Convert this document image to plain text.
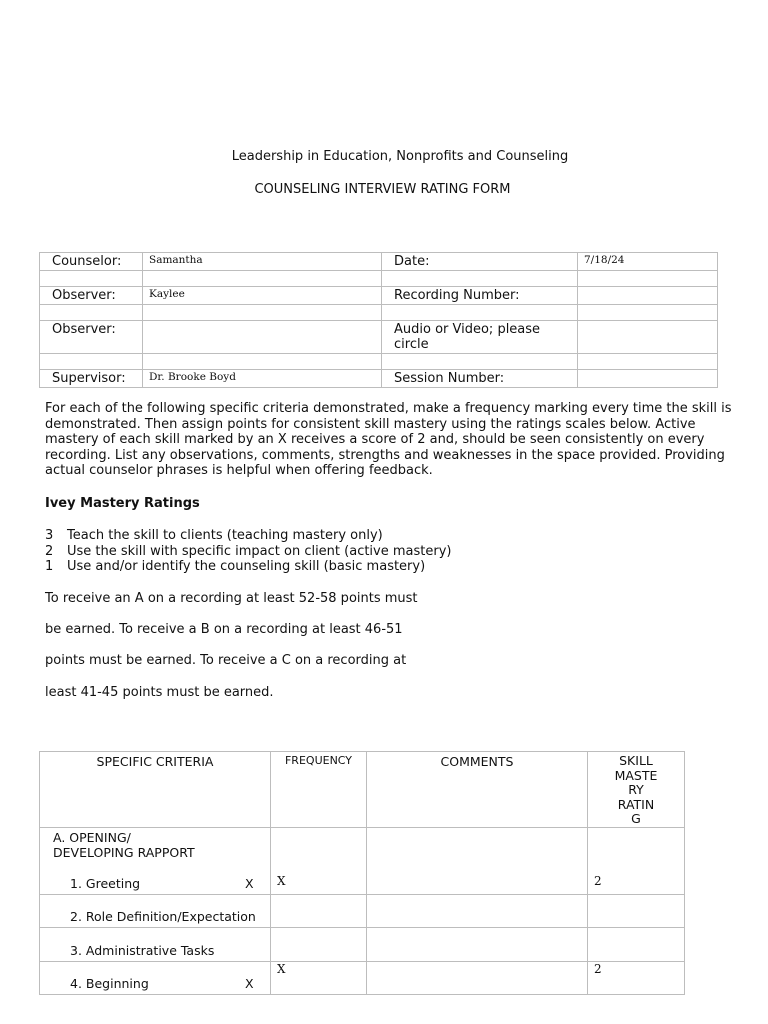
Leadership in Education, Nonprofits and Counseling
COUNSELING INTERVIEW RATING FORM
Counselor:	Samantha	Date:	7/18/24

Observer:	Kaylee	Recording Number:	

Observer:		Audio or Video; please circle	

Supervisor:	Dr. Brooke Boyd	Session Number:	
For each of the following specific criteria demonstrated, make a frequency marking every time the skill is demonstrated. Then assign points for consistent skill mastery using the ratings scales below. Active mastery of each skill marked by an X receives a score of 2 and, should be seen consistently on every recording. List any observations, comments, strengths and weaknesses in the space provided. Providing actual counselor phrases is helpful when offering feedback.
Ivey Mastery Ratings
3 Teach the skill to clients (teaching mastery only)
2 Use the skill with specific impact on client (active mastery)
1 Use and/or identify the counseling skill (basic mastery)
To receive an A on a recording at least 52-58 points must
be earned. To receive a B on a recording at least 46-51
points must be earned. To receive a C on a recording at
least 41-45 points must be earned.
SPECIFIC CRITERIA	FREQUENCY	COMMENTS	SKILL
MASTE
RY
RATIN
G

A. OPENING/
DEVELOPING RAPPORT
1. Greeting X	X		2

2. Role Definition/Expectation			

3. Administrative Tasks			

4. Beginning X	X		2
